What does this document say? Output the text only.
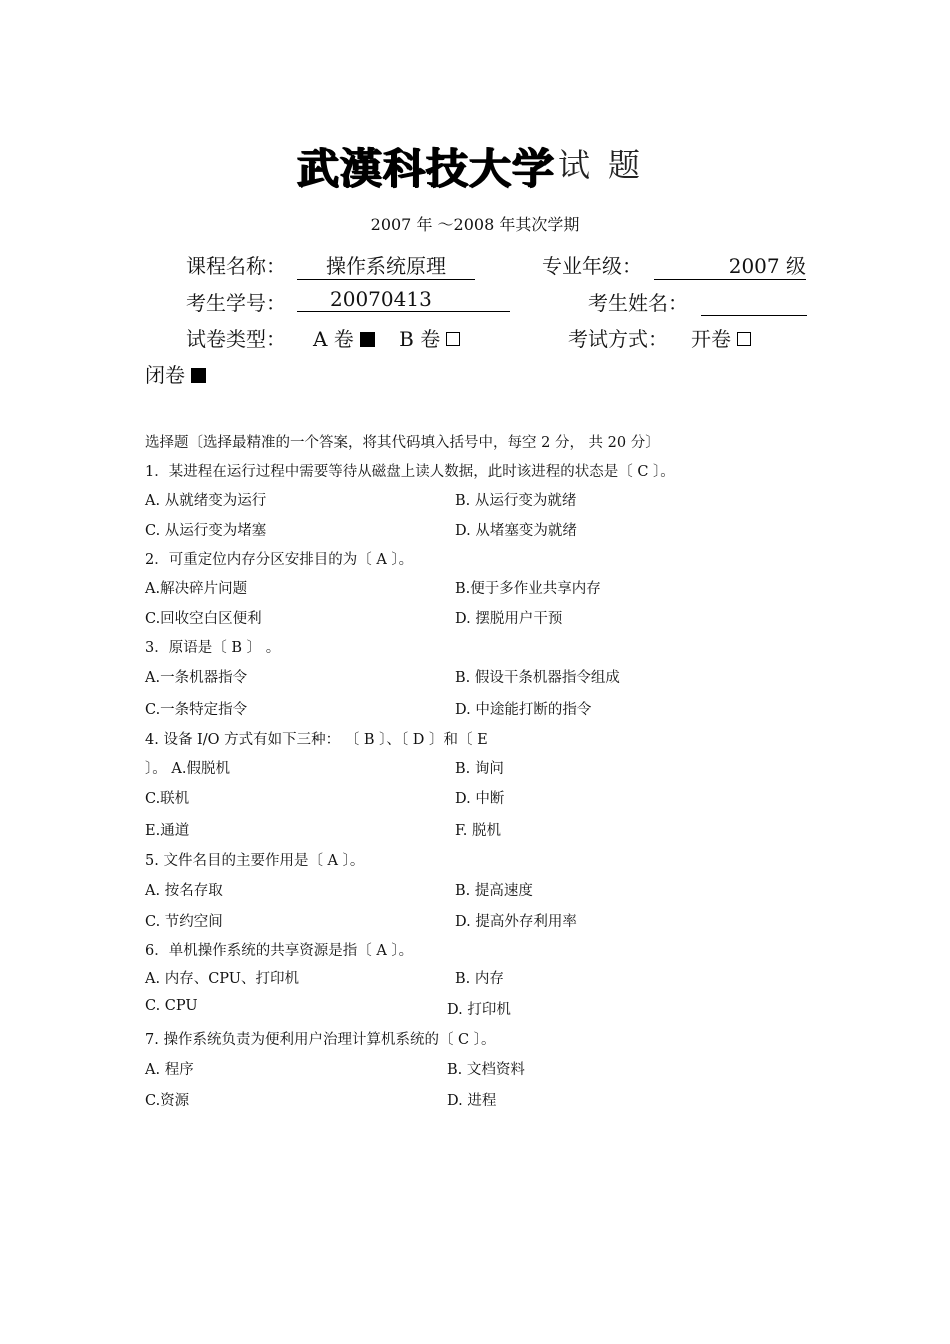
武漢科技大学 试题
2007 年 ～2008 年其次学期
课程名称：	操作系统原理	专业年级：	2007 级
考生学号：	20070413	考生姓名：
试卷类型： A 卷 B 卷	考试方式： 开卷
闭卷
选择题〔选择最精准的一个答案，将其代码填入括号中，每空 2 分， 共 20 分〕
1．某进程在运行过程中需要等待从磁盘上读人数据，此时该进程的状态是〔 C 〕。
A. 从就绪变为运行	B. 从运行变为就绪
C. 从运行变为堵塞	D. 从堵塞变为就绪
2．可重定位内存分区安排目的为〔 A 〕。
A.解决碎片问题	B.便于多作业共享内存
C.回收空白区便利	D. 摆脱用户干预
3．原语是〔 B 〕 。
A.一条机器指令	B. 假设干条机器指令组成
C.一条特定指令	D. 中途能打断的指令
4. 设备 I/O 方式有如下三种： 〔 B 〕、〔 D 〕和〔 E
〕。 A.假脱机	B. 询问
C.联机	D. 中断
E.通道	F. 脱机
5. 文件名目的主要作用是〔 A 〕。
A. 按名存取	B. 提高速度
C. 节约空间	D. 提高外存利用率
6．单机操作系统的共享资源是指〔 A 〕。
A. 内存、CPU、打印机	B. 内存
C. CPU	D. 打印机
7. 操作系统负责为便利用户治理计算机系统的〔 C 〕。
A. 程序	B. 文档资料
C.资源	D. 进程
